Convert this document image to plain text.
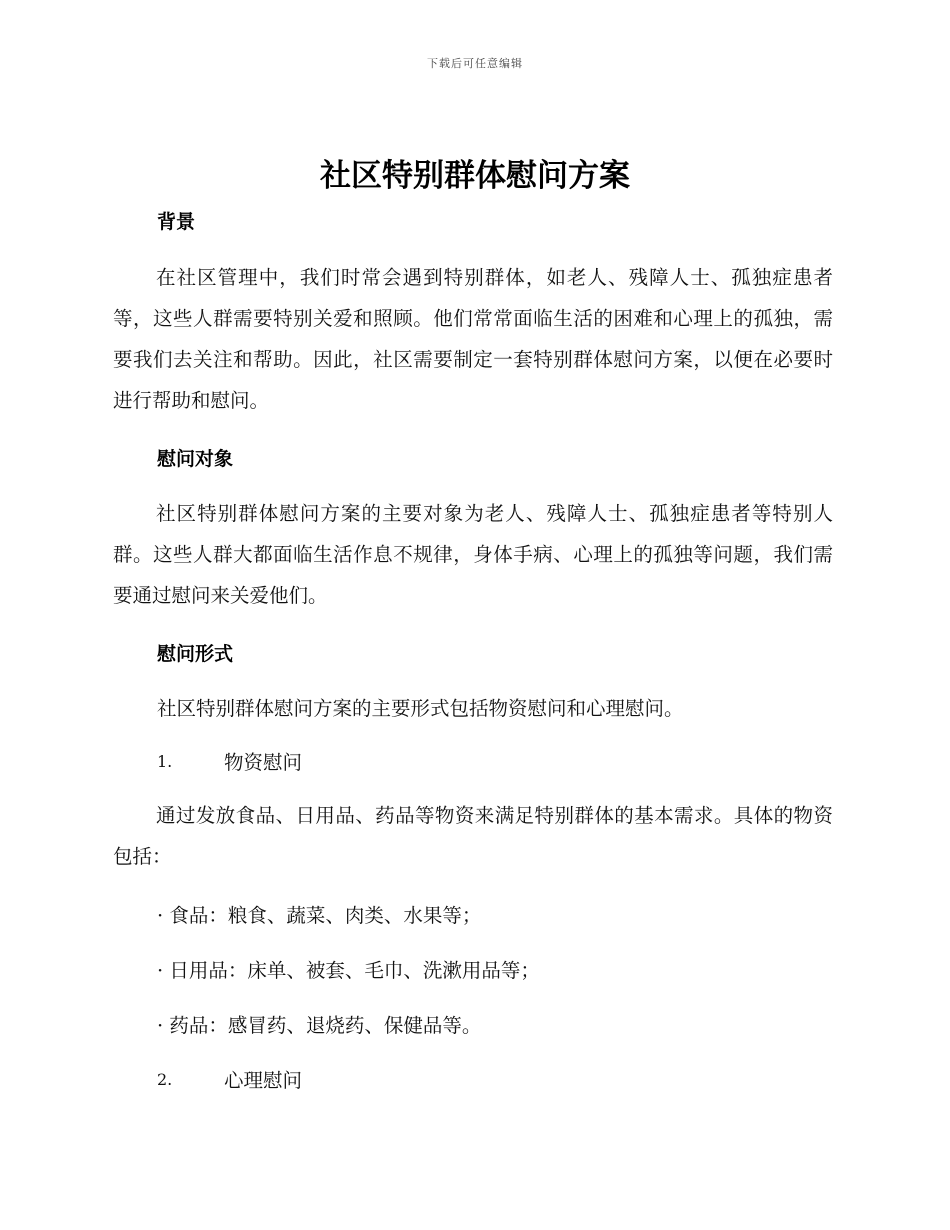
下载后可任意编辑
社区特别群体慰问方案
背景
在社区管理中，我们时常会遇到特别群体，如老人、残障人士、孤独症患者等，这些人群需要特别关爱和照顾。他们常常面临生活的困难和心理上的孤独，需要我们去关注和帮助。因此，社区需要制定一套特别群体慰问方案，以便在必要时进行帮助和慰问。
慰问对象
社区特别群体慰问方案的主要对象为老人、残障人士、孤独症患者等特别人群。这些人群大都面临生活作息不规律，身体手病、心理上的孤独等问题，我们需要通过慰问来关爱他们。
慰问形式
社区特别群体慰问方案的主要形式包括物资慰问和心理慰问。
1.	物资慰问
通过发放食品、日用品、药品等物资来满足特别群体的基本需求。具体的物资包括：
· 食品：粮食、蔬菜、肉类、水果等；
· 日用品：床单、被套、毛巾、洗漱用品等；
· 药品：感冒药、退烧药、保健品等。
2.	心理慰问
